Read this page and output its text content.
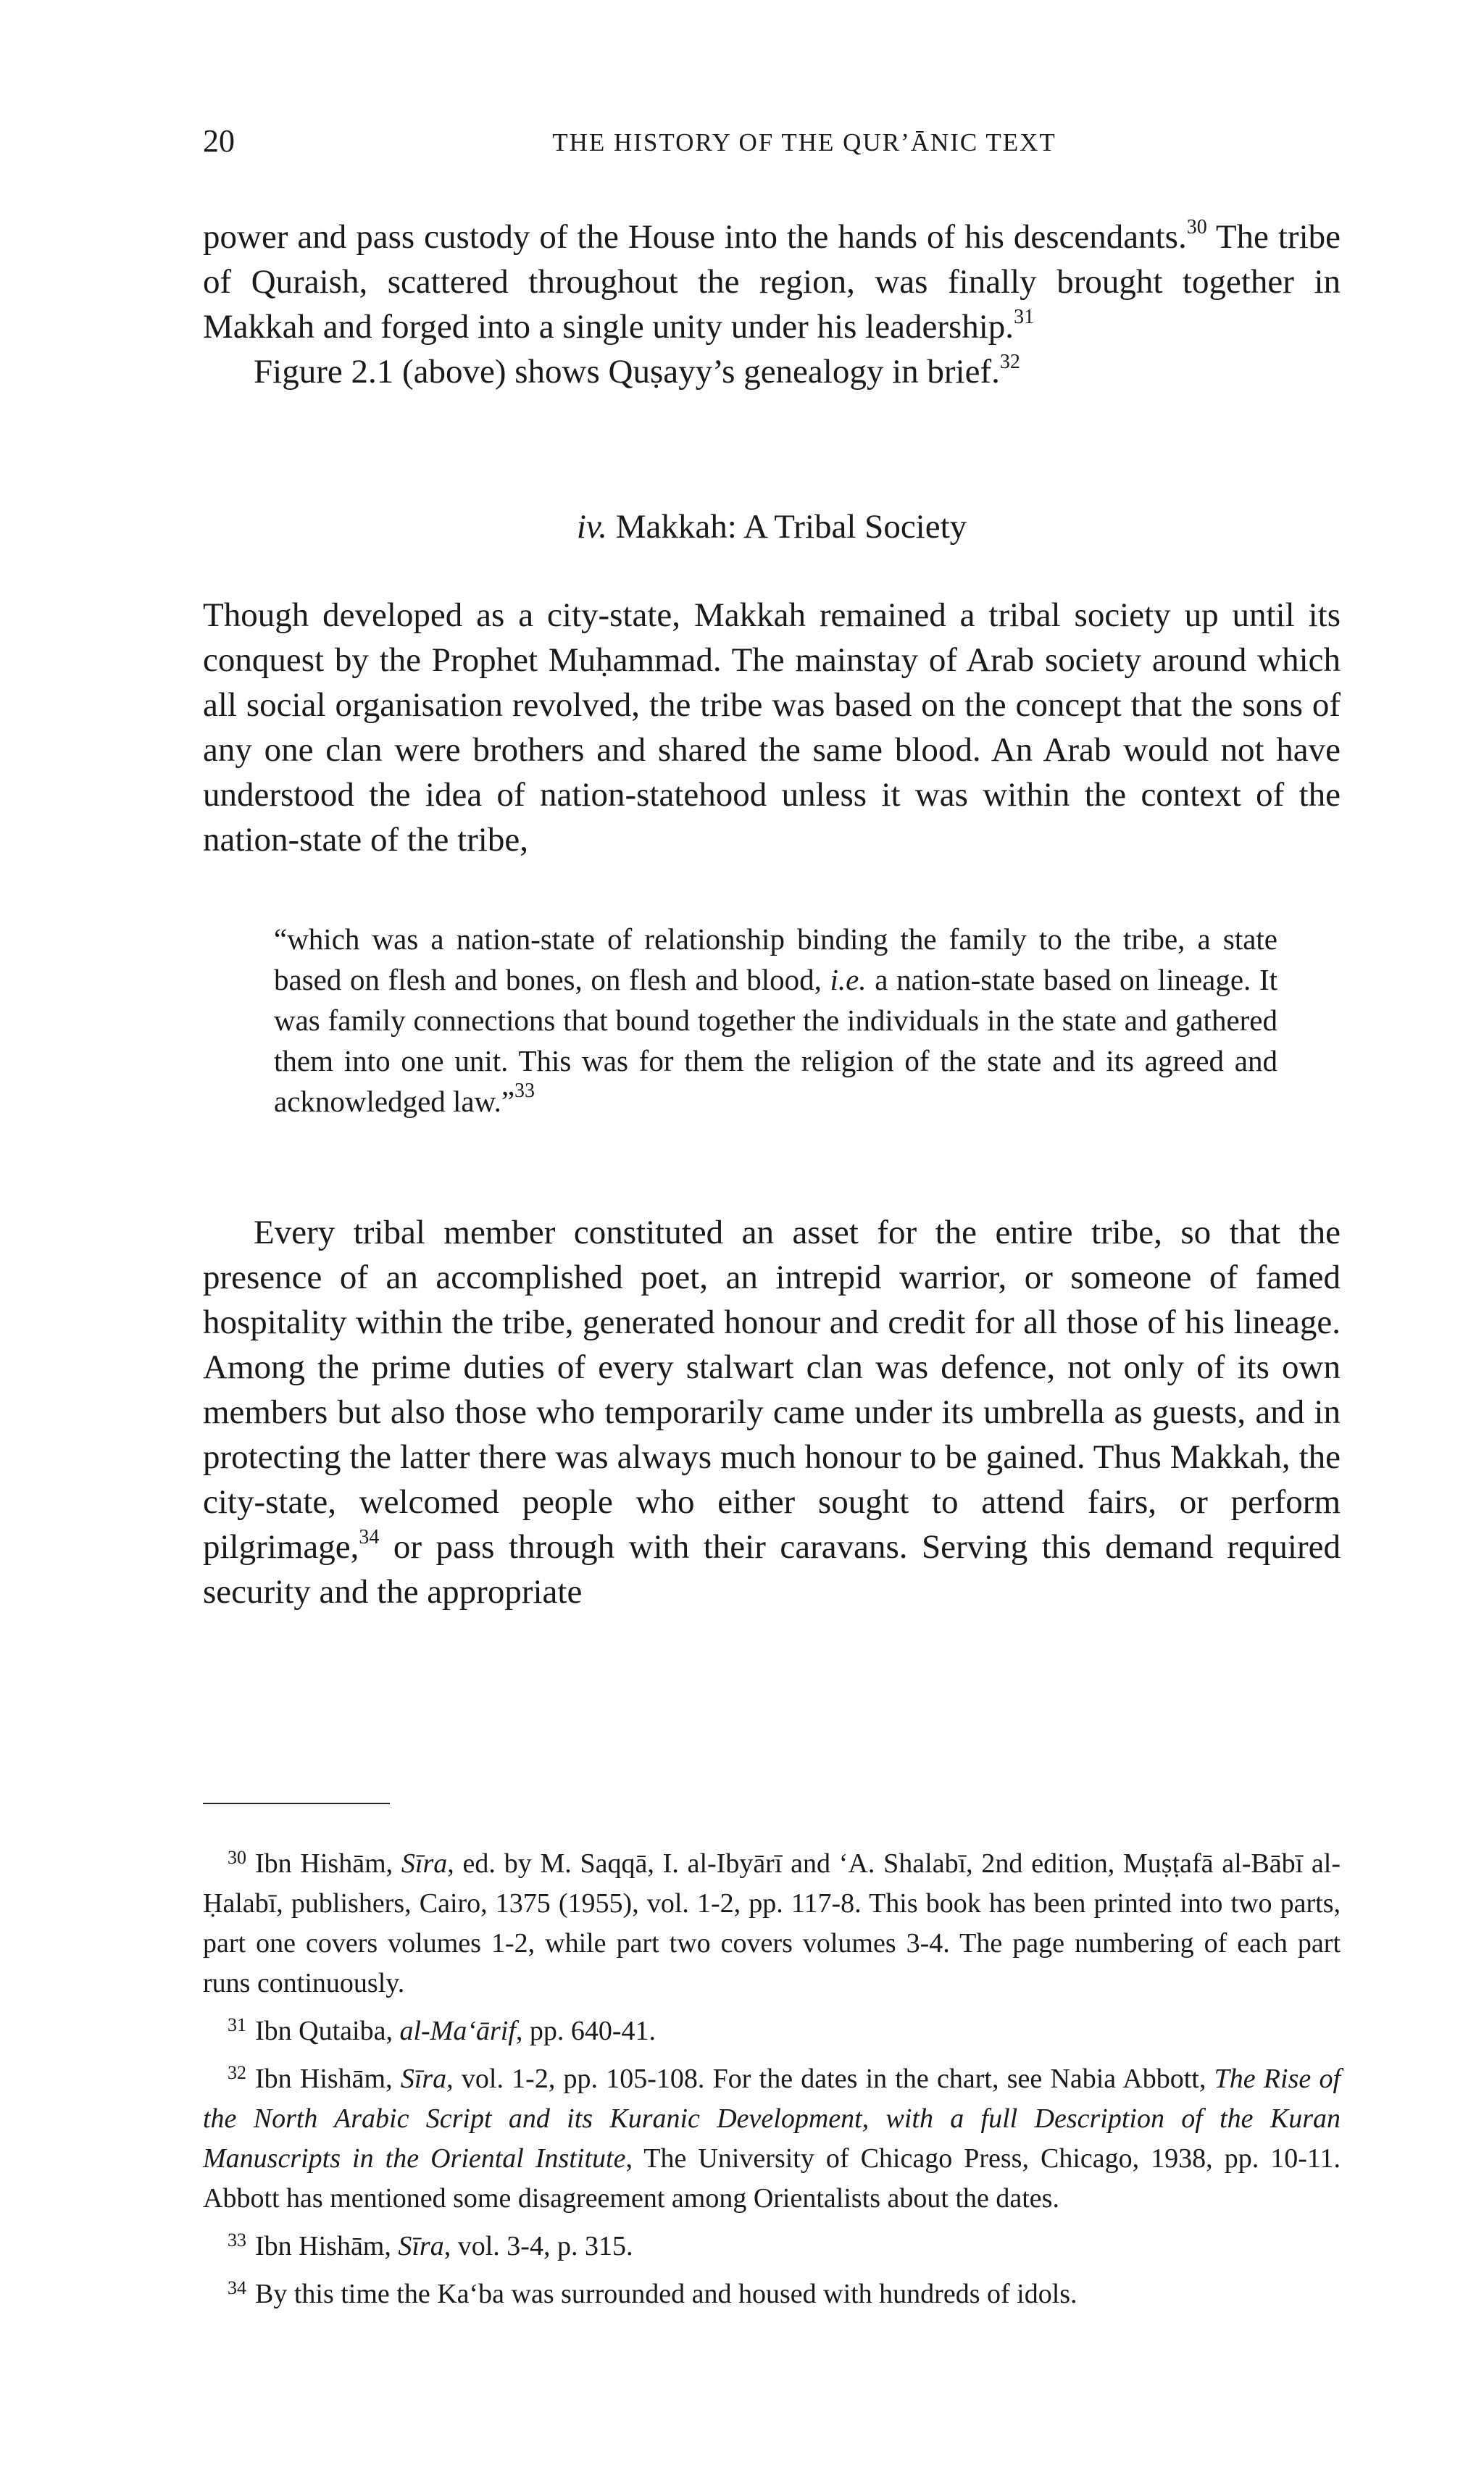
20	THE HISTORY OF THE QUR’ĀNIC TEXT

power and pass custody of the House into the hands of his descendants.$^{30}$ The tribe of Quraish, scattered throughout the region, was finally brought together in Makkah and forged into a single unity under his leadership.$^{31}$
Figure 2.1 (above) shows Quṣayy’s genealogy in brief.$^{32}$

iv. Makkah: A Tribal Society

Though developed as a city-state, Makkah remained a tribal society up until its conquest by the Prophet Muḥammad. The mainstay of Arab society around which all social organisation revolved, the tribe was based on the concept that the sons of any one clan were brothers and shared the same blood. An Arab would not have understood the idea of nation-statehood unless it was within the context of the nation-state of the tribe,

“which was a nation-state of relationship binding the family to the tribe, a state based on flesh and bones, on flesh and blood, i.e. a nation-state based on lineage. It was family connections that bound together the individuals in the state and gathered them into one unit. This was for them the religion of the state and its agreed and acknowledged law.”$^{33}$

Every tribal member constituted an asset for the entire tribe, so that the presence of an accomplished poet, an intrepid warrior, or someone of famed hospitality within the tribe, generated honour and credit for all those of his lineage. Among the prime duties of every stalwart clan was defence, not only of its own members but also those who temporarily came under its umbrella as guests, and in protecting the latter there was always much honour to be gained. Thus Makkah, the city-state, welcomed people who either sought to attend fairs, or perform pilgrimage,$^{34}$ or pass through with their caravans. Serving this demand required security and the appropriate

$^{30}$ Ibn Hishām, Sīra, ed. by M. Saqqā, I. al-Ibyārī and ‘A. Shalabī, 2nd edition, Muṣṭafā al-Bābī al-Ḥalabī, publishers, Cairo, 1375 (1955), vol. 1-2, pp. 117-8. This book has been printed into two parts, part one covers volumes 1-2, while part two covers volumes 3-4. The page numbering of each part runs continuously.

$^{31}$ Ibn Qutaiba, al-Ma‘ārif, pp. 640-41.

$^{32}$ Ibn Hishām, Sīra, vol. 1-2, pp. 105-108. For the dates in the chart, see Nabia Abbott, The Rise of the North Arabic Script and its Kuranic Development, with a full Description of the Kuran Manuscripts in the Oriental Institute, The University of Chicago Press, Chicago, 1938, pp. 10-11. Abbott has mentioned some disagreement among Orientalists about the dates.

$^{33}$ Ibn Hishām, Sīra, vol. 3-4, p. 315.

$^{34}$ By this time the Ka‘ba was surrounded and housed with hundreds of idols.
